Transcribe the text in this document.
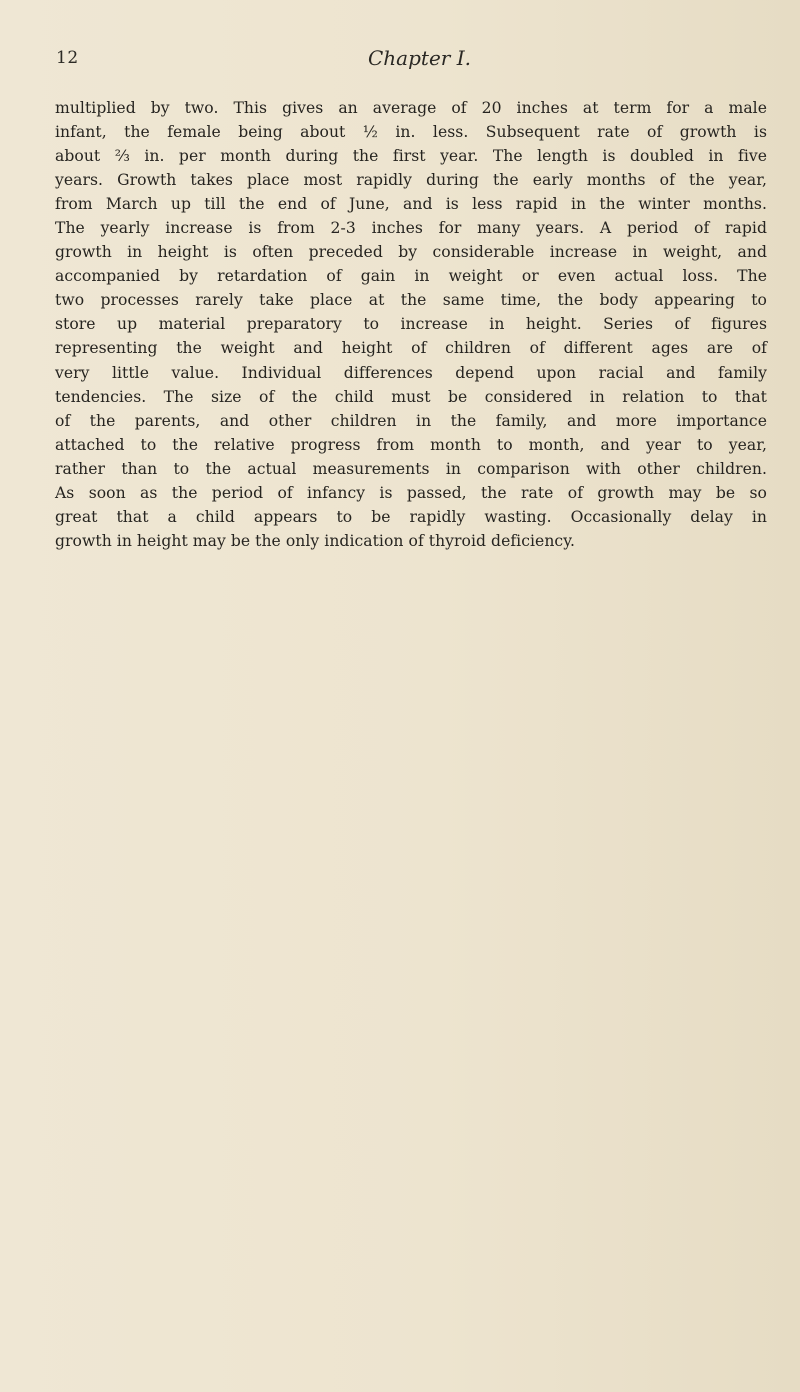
12	Chapter I.

multiplied by two. This gives an average of 20 inches at term for a male
infant, the female being about ½ in. less. Subsequent rate of growth is
about ⅔ in. per month during the first year. The length is doubled in five
years. Growth takes place most rapidly during the early months of the year,
from March up till the end of June, and is less rapid in the winter months.
The yearly increase is from 2-3 inches for many years. A period of rapid
growth in height is often preceded by considerable increase in weight, and
accompanied by retardation of gain in weight or even actual loss. The
two processes rarely take place at the same time, the body appearing to
store up material preparatory to increase in height. Series of figures
representing the weight and height of children of different ages are of
very little value. Individual differences depend upon racial and family
tendencies. The size of the child must be considered in relation to that
of the parents, and other children in the family, and more importance
attached to the relative progress from month to month, and year to year,
rather than to the actual measurements in comparison with other children.
As soon as the period of infancy is passed, the rate of growth may be so
great that a child appears to be rapidly wasting. Occasionally delay in
growth in height may be the only indication of thyroid deficiency.
